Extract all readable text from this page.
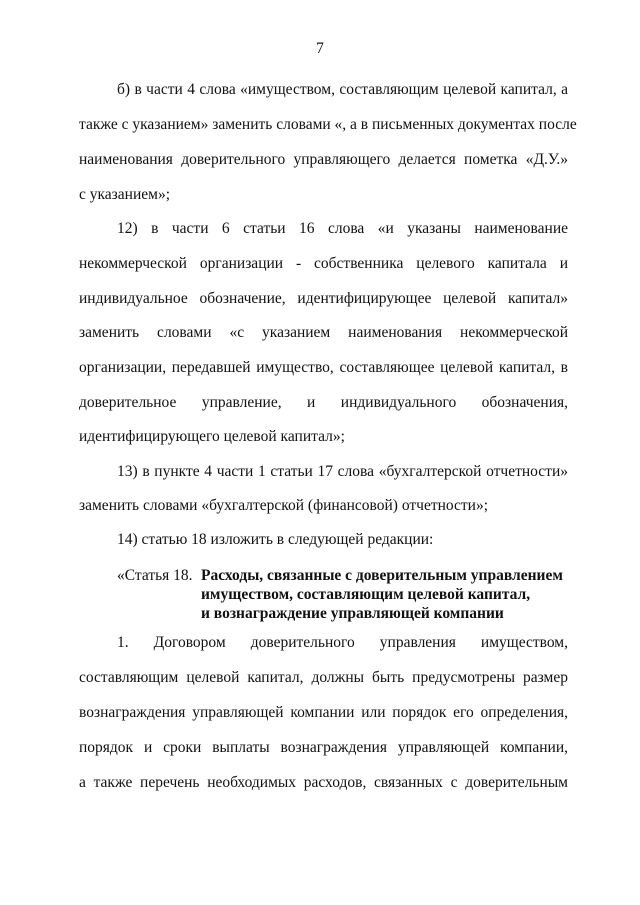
7
б) в части 4 слова «имуществом, составляющим целевой капитал, а
также с указанием» заменить словами «, а в письменных документах после
наименования доверительного управляющего делается пометка «Д.У.»
с указанием»;
12) в части 6 статьи 16 слова «и указаны наименование
некоммерческой организации - собственника целевого капитала и
индивидуальное обозначение, идентифицирующее целевой капитал»
заменить словами «с указанием наименования некоммерческой
организации, передавшей имущество, составляющее целевой капитал, в
доверительное управление, и индивидуального обозначения,
идентифицирующего целевой капитал»;
13) в пункте 4 части 1 статьи 17 слова «бухгалтерской отчетности»
заменить словами «бухгалтерской (финансовой) отчетности»;
14) статью 18 изложить в следующей редакции:
«Статья 18. Расходы, связанные с доверительным управлением
имуществом, составляющим целевой капитал,
и вознаграждение управляющей компании
1. Договором доверительного управления имуществом,
составляющим целевой капитал, должны быть предусмотрены размер
вознаграждения управляющей компании или порядок его определения,
порядок и сроки выплаты вознаграждения управляющей компании,
а также перечень необходимых расходов, связанных с доверительным
